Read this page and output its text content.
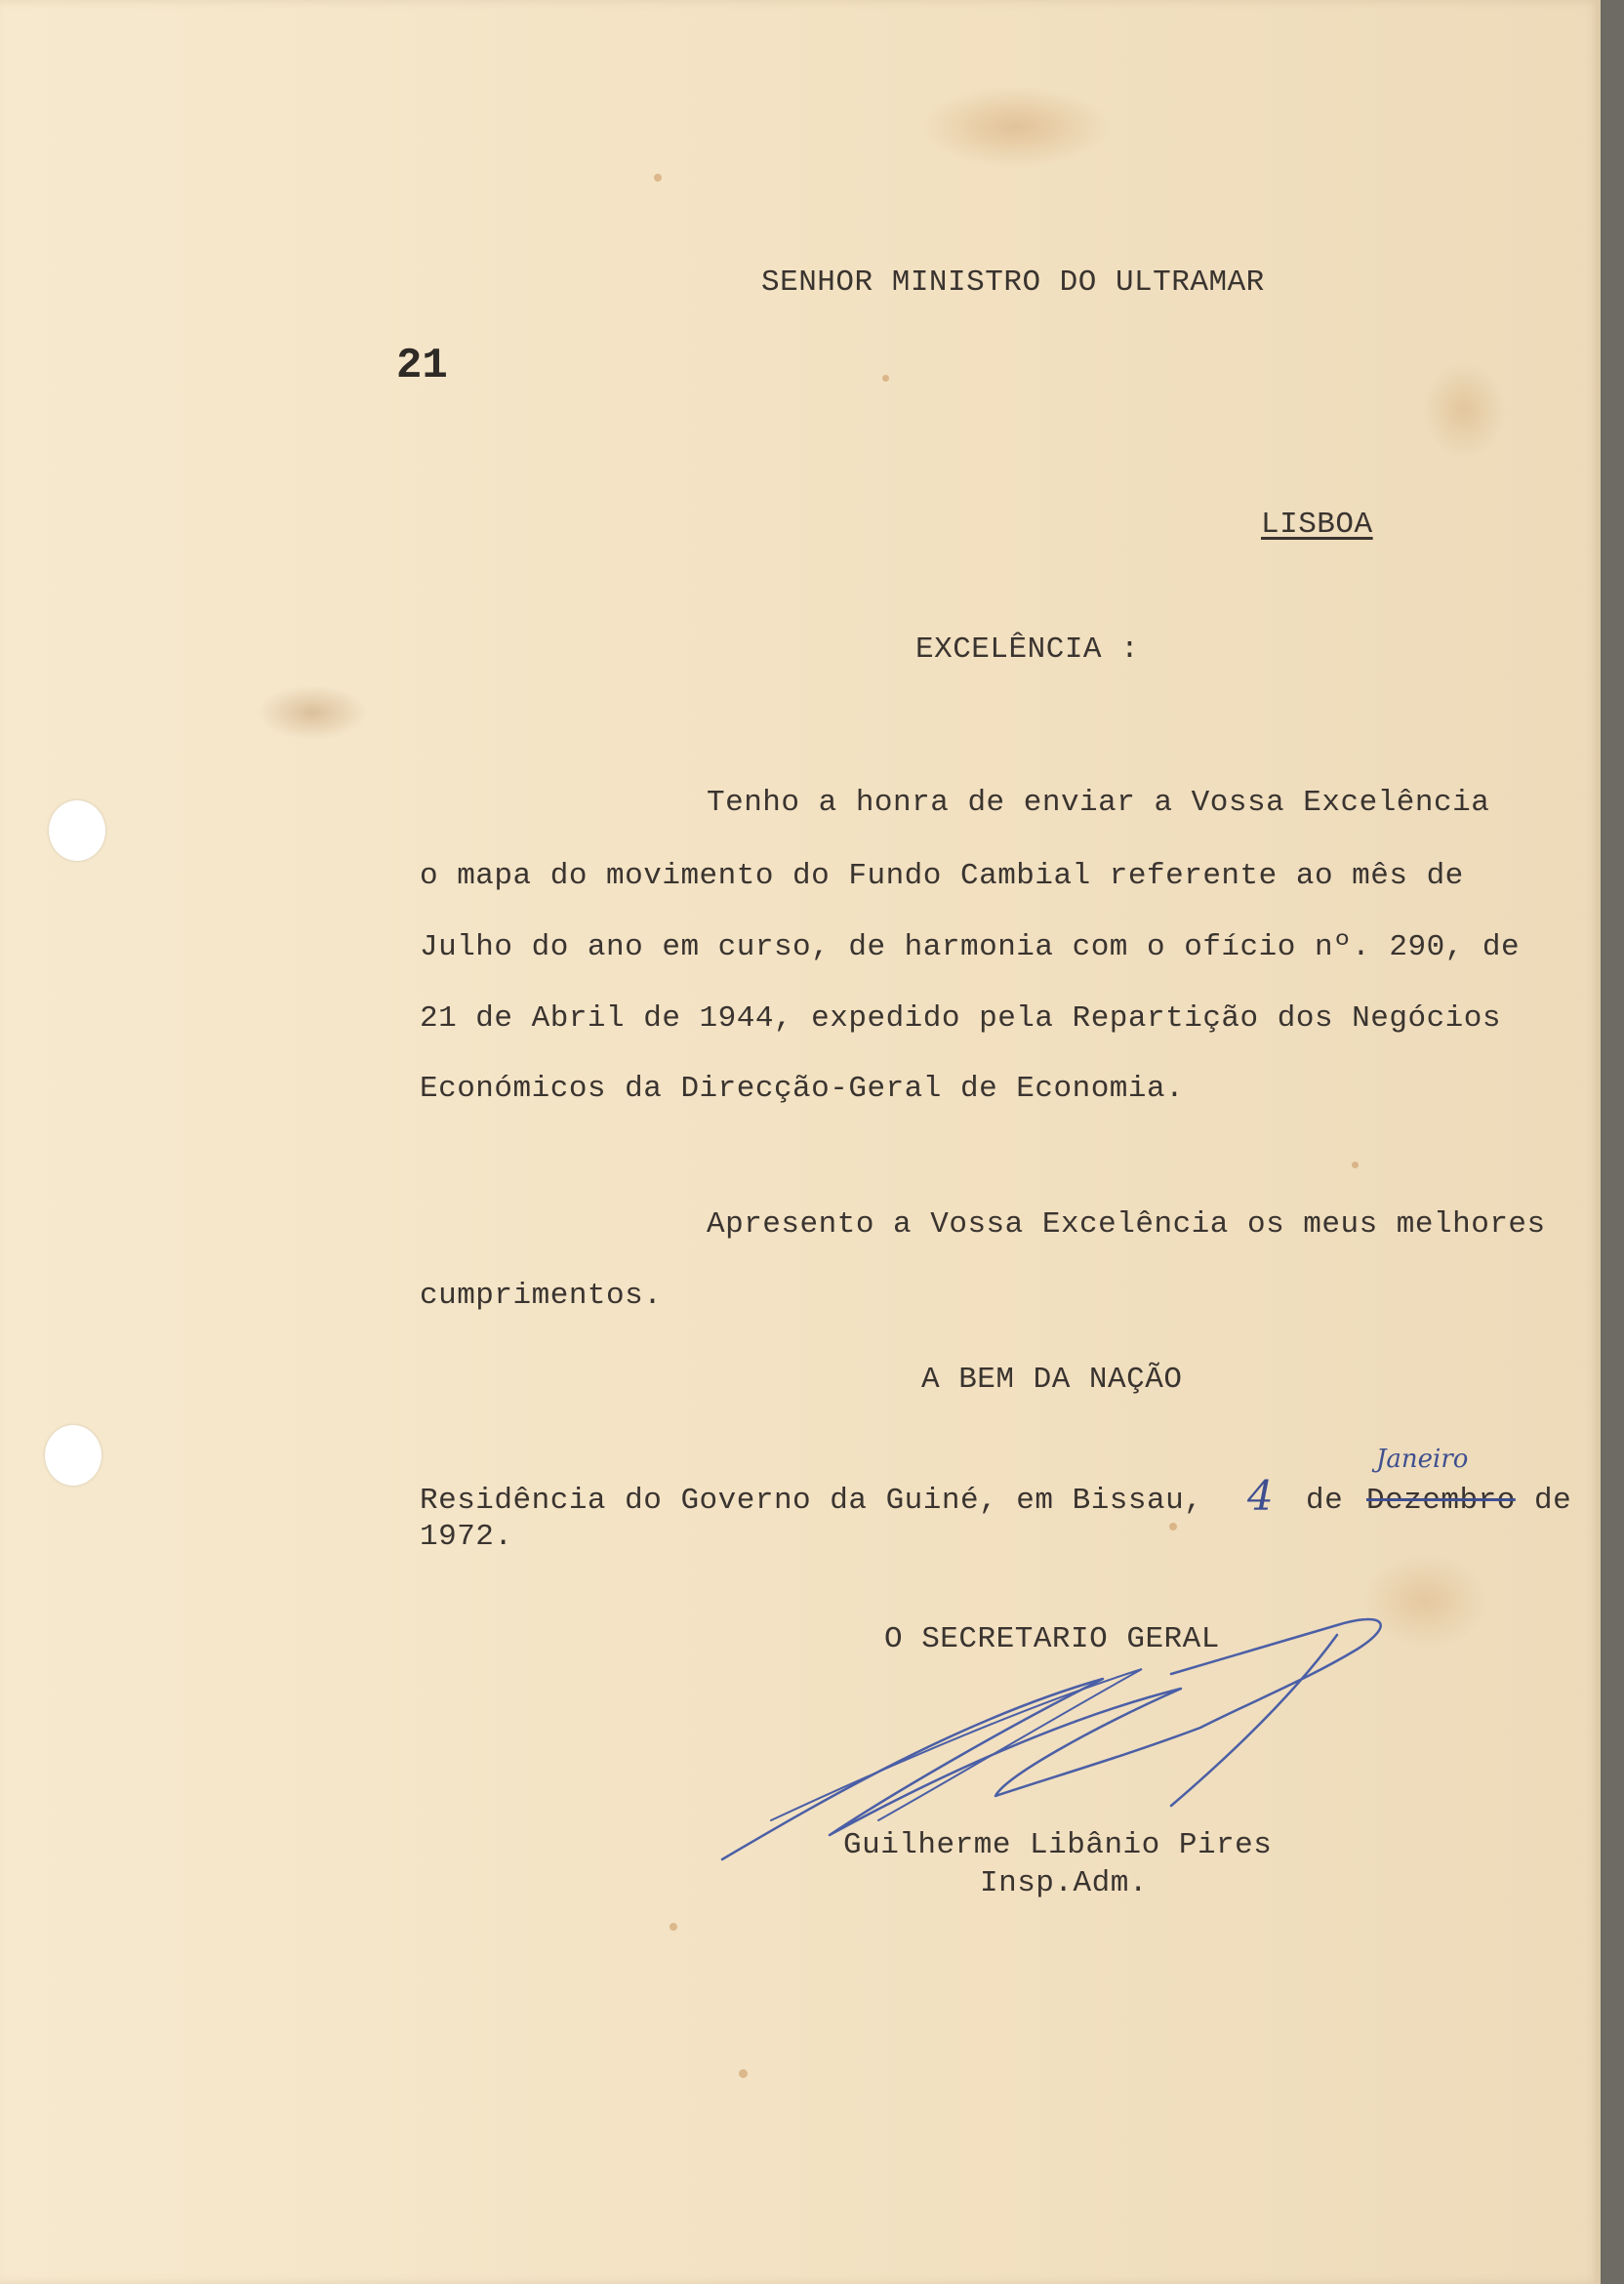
SENHOR MINISTRO DO ULTRAMAR
21
LISBOA
EXCELÊNCIA :
Tenho a honra de enviar a Vossa Excelência
o mapa do movimento do Fundo Cambial referente ao mês de
Julho do ano em curso, de harmonia com o ofício nº. 290, de
21 de Abril de 1944, expedido pela Repartição dos Negócios
Económicos da Direcção-Geral de Economia.
Apresento a Vossa Excelência os meus melhores
cumprimentos.
A BEM DA NAÇÃO
Residência do Governo da Guiné, em Bissau, 4 de Dezembro
Janeiro
de
1972.
O SECRETARIO GERAL
Guilherme Libânio Pires
Insp.Adm.
